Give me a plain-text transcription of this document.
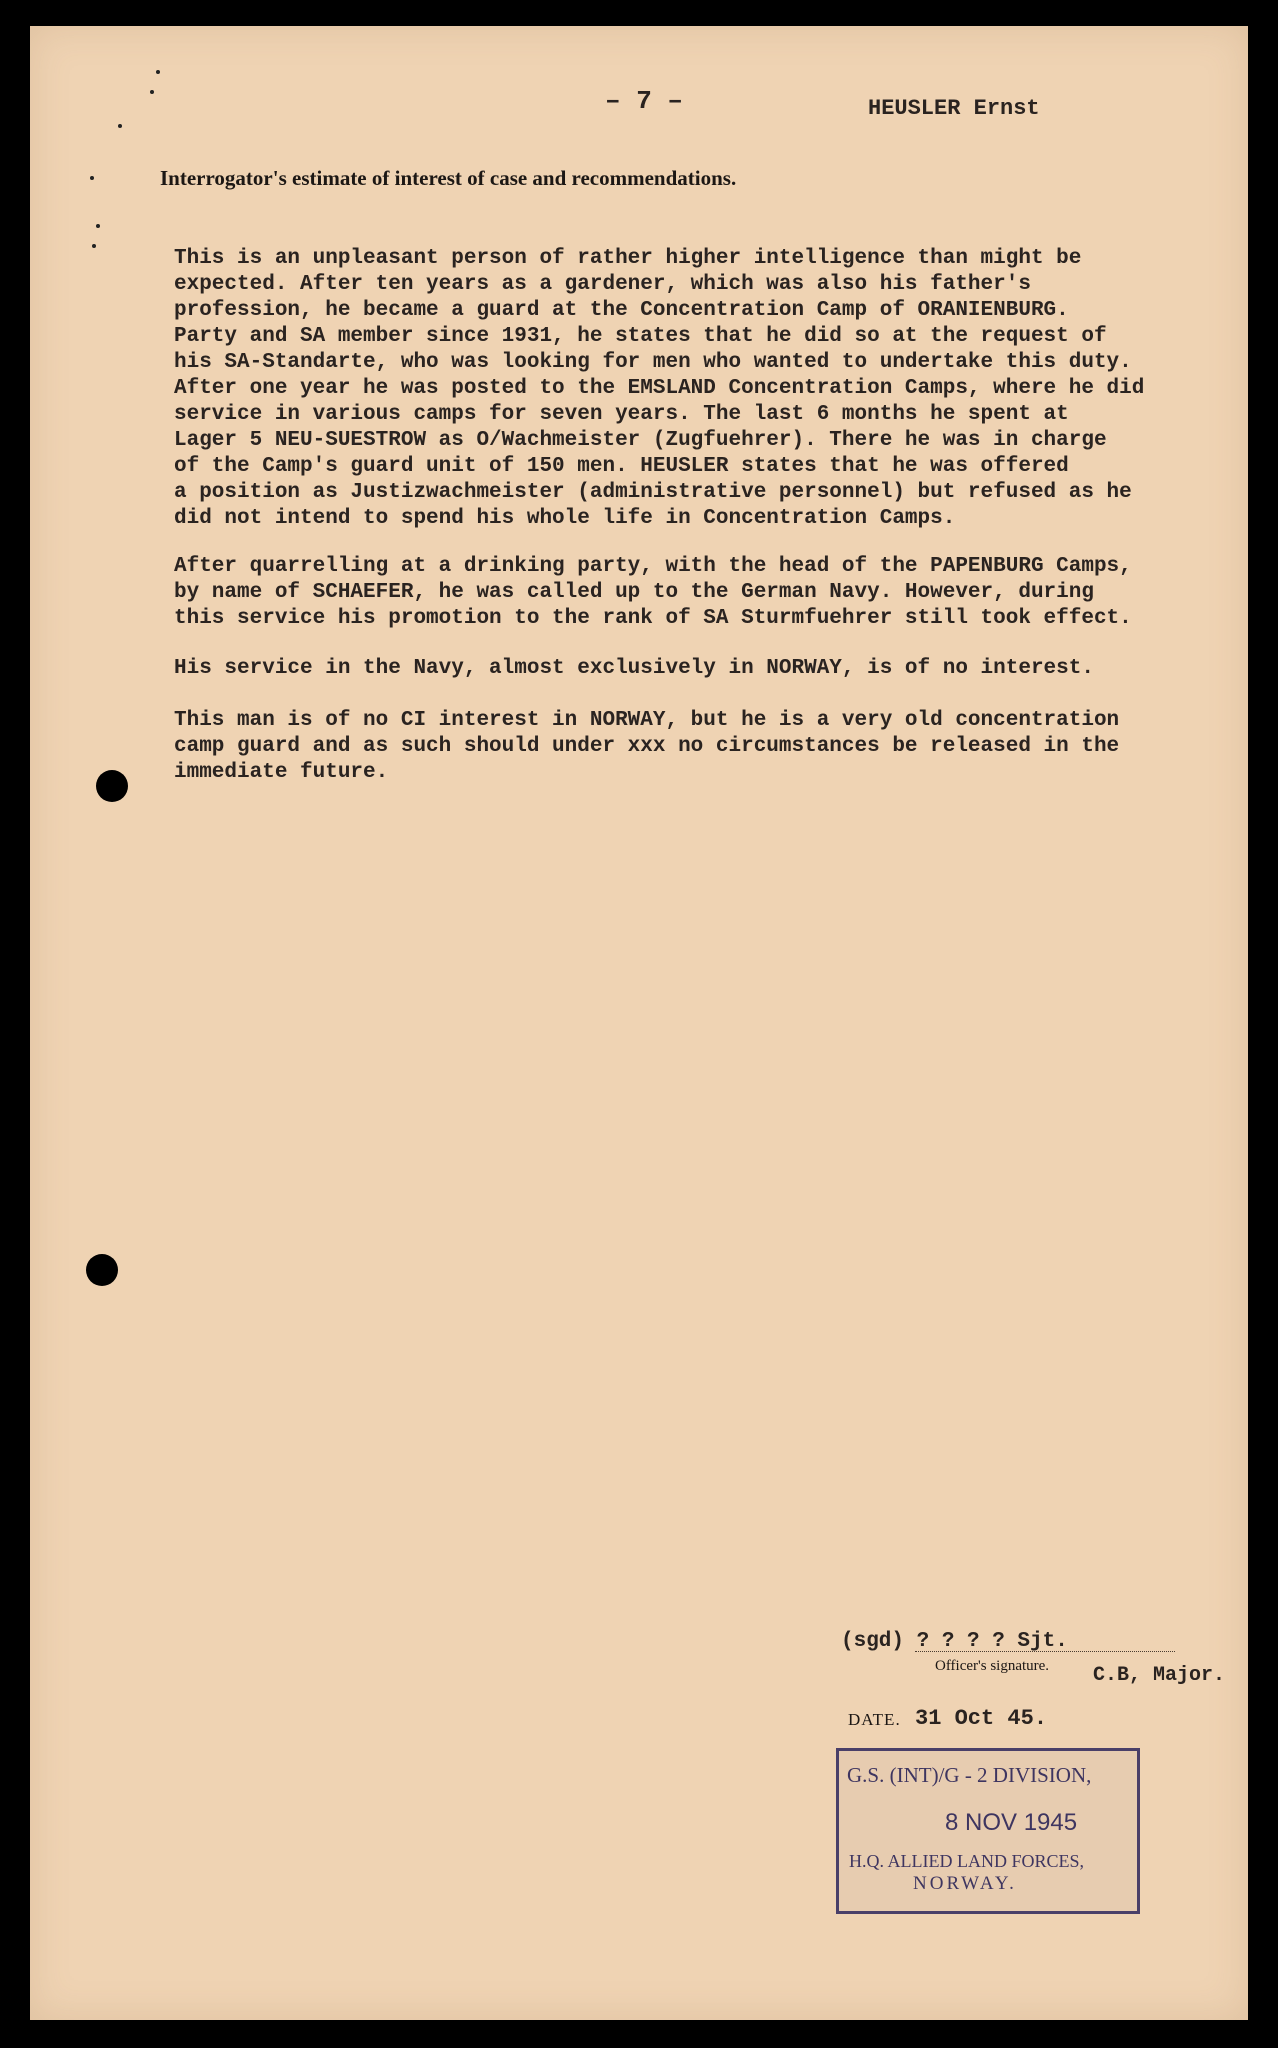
– 7 –	HEUSLER Ernst
Interrogator's estimate of interest of case and recommendations.
This is an unpleasant person of rather higher intelligence than might be
expected. After ten years as a gardener, which was also his father's
profession, he became a guard at the Concentration Camp of ORANIENBURG.
Party and SA member since 1931, he states that he did so at the request of
his SA-Standarte, who was looking for men who wanted to undertake this duty.
After one year he was posted to the EMSLAND Concentration Camps, where he did
service in various camps for seven years. The last 6 months he spent at
Lager 5 NEU-SUESTROW as O/Wachmeister (Zugfuehrer). There he was in charge
of the Camp's guard unit of 150 men. HEUSLER states that he was offered
a position as Justizwachmeister (administrative personnel) but refused as he
did not intend to spend his whole life in Concentration Camps.
After quarrelling at a drinking party, with the head of the PAPENBURG Camps,
by name of SCHAEFER, he was called up to the German Navy. However, during
this service his promotion to the rank of SA Sturmfuehrer still took effect.
His service in the Navy, almost exclusively in NORWAY, is of no interest.
This man is of no CI interest in NORWAY, but he is a very old concentration
camp guard and as such should under xxx no circumstances be released in the
immediate future.
(sgd) ? ? ? ? Sjt.
Officer's signature. C.B, Major.
DATE. 31 Oct 45.
G.S. (INT)/G - 2 DIVISION,
8 NOV 1945
H.Q. ALLIED LAND FORCES,
NORWAY.
